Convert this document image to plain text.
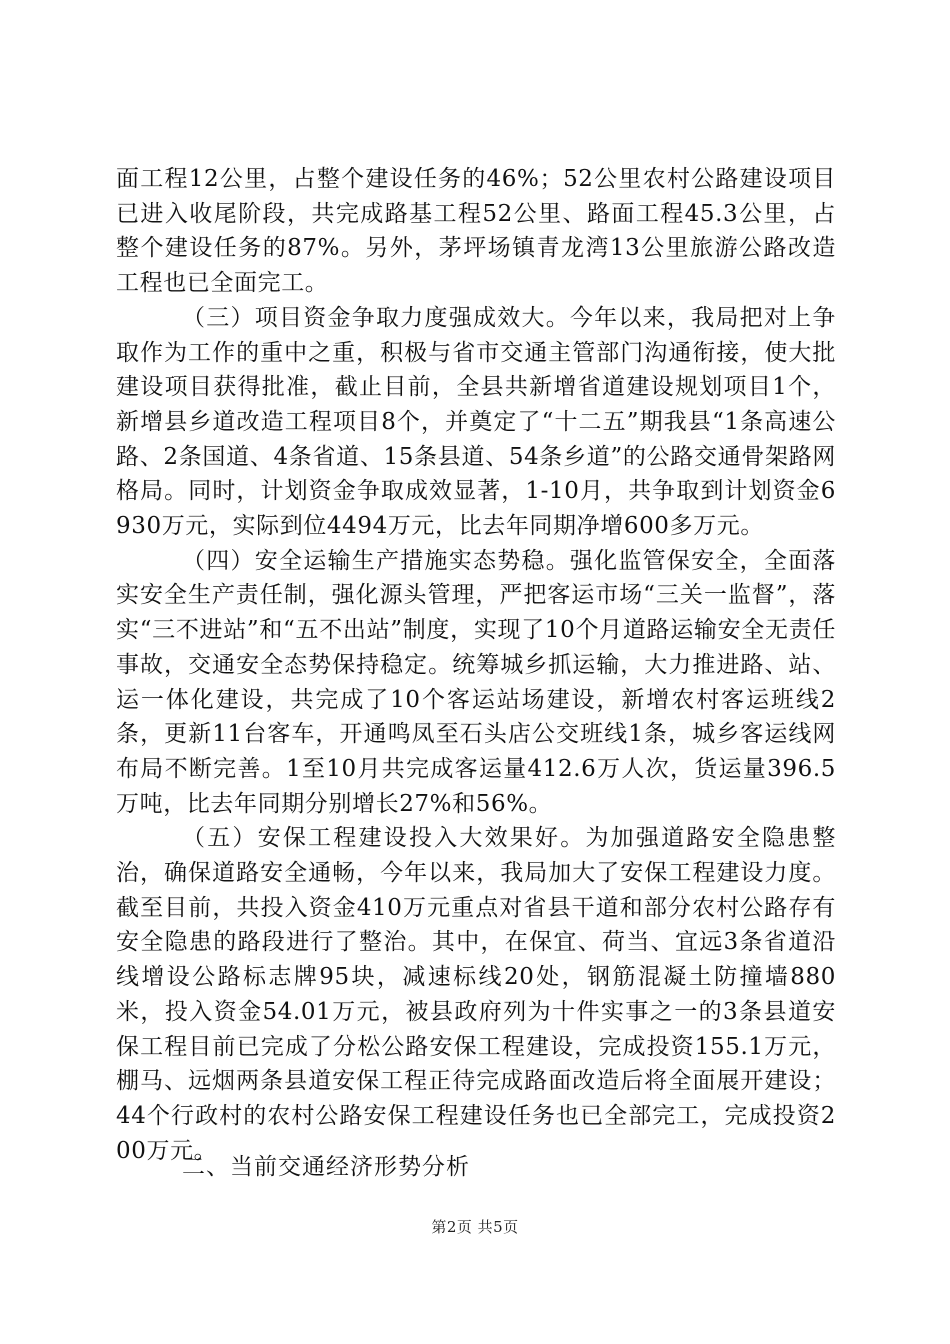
面工程12公里，占整个建设任务的46%；52公里农村公路建设项目已进入收尾阶段，共完成路基工程52公里、路面工程45.3公里，占整个建设任务的87%。另外，茅坪场镇青龙湾13公里旅游公路改造工程也已全面完工。

（三）项目资金争取力度强成效大。今年以来，我局把对上争取作为工作的重中之重，积极与省市交通主管部门沟通衔接，使大批建设项目获得批准，截止目前，全县共新增省道建设规划项目1个，新增县乡道改造工程项目8个，并奠定了“十二五”期我县“1条高速公路、2条国道、4条省道、15条县道、54条乡道”的公路交通骨架路网格局。同时，计划资金争取成效显著，1-10月，共争取到计划资金6930万元，实际到位4494万元，比去年同期净增600多万元。

（四）安全运输生产措施实态势稳。强化监管保安全，全面落实安全生产责任制，强化源头管理，严把客运市场“三关一监督”，落实“三不进站”和“五不出站”制度，实现了10个月道路运输安全无责任事故，交通安全态势保持稳定。统筹城乡抓运输，大力推进路、站、运一体化建设，共完成了10个客运站场建设，新增农村客运班线2条，更新11台客车，开通鸣凤至石头店公交班线1条，城乡客运线网布局不断完善。1至10月共完成客运量412.6万人次，货运量396.5万吨，比去年同期分别增长27%和56%。

（五）安保工程建设投入大效果好。为加强道路安全隐患整治，确保道路安全通畅，今年以来，我局加大了安保工程建设力度。截至目前，共投入资金410万元重点对省县干道和部分农村公路存有安全隐患的路段进行了整治。其中，在保宜、荷当、宜远3条省道沿线增设公路标志牌95块，减速标线20处，钢筋混凝土防撞墙880米，投入资金54.01万元，被县政府列为十件实事之一的3条县道安保工程目前已完成了分松公路安保工程建设，完成投资155.1万元，棚马、远烟两条县道安保工程正待完成路面改造后将全面展开建设；44个行政村的农村公路安保工程建设任务也已全部完工，完成投资200万元。

二、当前交通经济形势分析

第2页 共5页
